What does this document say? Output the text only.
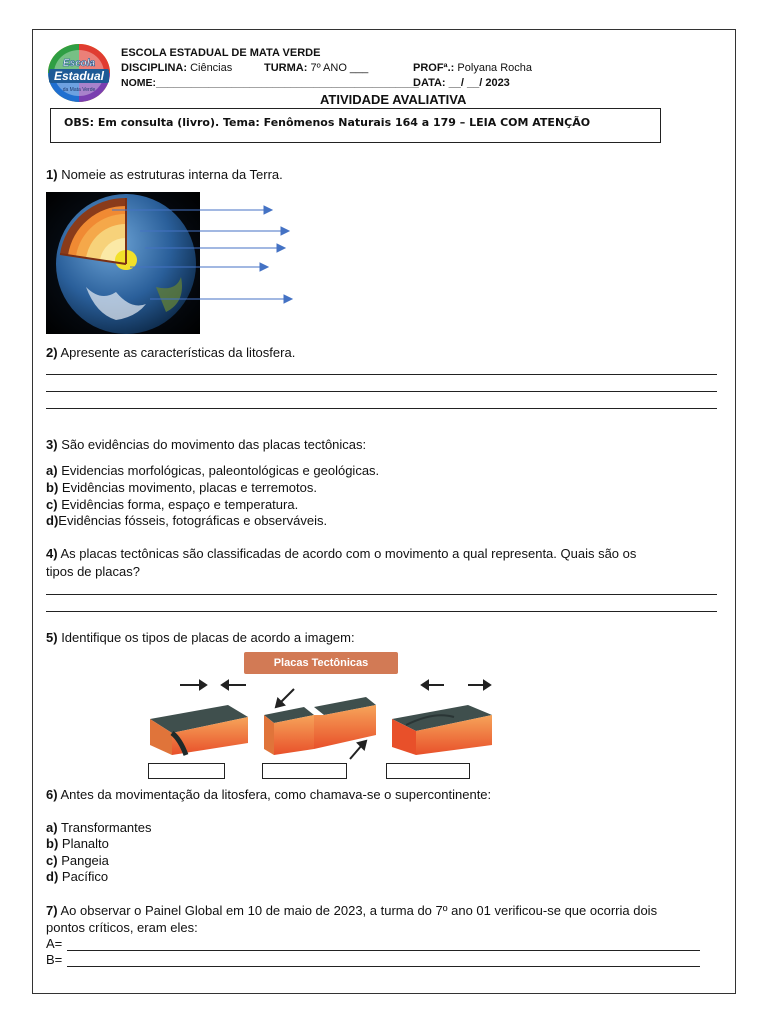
Escola
Estadual
da Mata Verde
ESCOLA ESTADUAL DE MATA VERDE
DISCIPLINA: Ciências	TURMA: 7º ANO ___	PROFª.: Polyana Rocha
NOME:_____________________________________________
DATA: __/ __/ 2023
ATIVIDADE AVALIATIVA
OBS: Em consulta (livro). Tema: Fenômenos Naturais 164 a 179 – LEIA COM ATENÇÃO
1) Nomeie as estruturas interna da Terra.
2) Apresente as características da litosfera.
3) São evidências do movimento das placas tectônicas:
a) Evidencias morfológicas, paleontológicas e geológicas.
b) Evidências movimento, placas e terremotos.
c) Evidências forma, espaço e temperatura.
d)Evidências fósseis, fotográficas e observáveis.
4) As placas tectônicas são classificadas de acordo com o movimento a qual representa. Quais são os
tipos de placas?
5) Identifique os tipos de placas de acordo a imagem:
Placas Tectônicas
6) Antes da movimentação da litosfera, como chamava-se o supercontinente:
a) Transformantes
b) Planalto
c) Pangeia
d) Pacífico
7) Ao observar o Painel Global em 10 de maio de 2023, a turma do 7º ano 01 verificou-se que ocorria dois
pontos críticos, eram eles:
A=
B=
